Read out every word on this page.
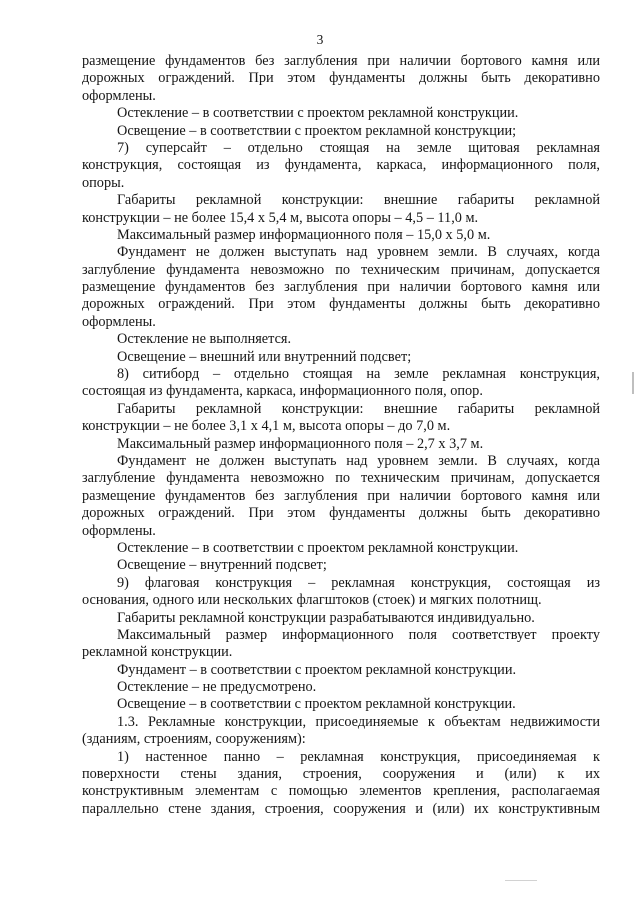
3
размещение фундаментов без заглубления при наличии бортового камня или
дорожных ограждений. При этом фундаменты должны быть декоративно
оформлены.
Остекление – в соответствии с проектом рекламной конструкции.
Освещение – в соответствии с проектом рекламной конструкции;
7) суперсайт – отдельно стоящая на земле щитовая рекламная
конструкция, состоящая из фундамента, каркаса, информационного поля,
опоры.
Габариты рекламной конструкции: внешние габариты рекламной
конструкции – не более 15,4 х 5,4 м, высота опоры – 4,5 – 11,0 м.
Максимальный размер информационного поля – 15,0 х 5,0 м.
Фундамент не должен выступать над уровнем земли. В случаях, когда
заглубление фундамента невозможно по техническим причинам, допускается
размещение фундаментов без заглубления при наличии бортового камня или
дорожных ограждений. При этом фундаменты должны быть декоративно
оформлены.
Остекление не выполняется.
Освещение – внешний или внутренний подсвет;
8) ситиборд – отдельно стоящая на земле рекламная конструкция,
состоящая из фундамента, каркаса, информационного поля, опор.
Габариты рекламной конструкции: внешние габариты рекламной
конструкции – не более 3,1 х 4,1 м, высота опоры – до 7,0 м.
Максимальный размер информационного поля – 2,7 х 3,7 м.
Фундамент не должен выступать над уровнем земли. В случаях, когда
заглубление фундамента невозможно по техническим причинам, допускается
размещение фундаментов без заглубления при наличии бортового камня или
дорожных ограждений. При этом фундаменты должны быть декоративно
оформлены.
Остекление – в соответствии с проектом рекламной конструкции.
Освещение – внутренний подсвет;
9) флаговая конструкция – рекламная конструкция, состоящая из
основания, одного или нескольких флагштоков (стоек) и мягких полотнищ.
Габариты рекламной конструкции разрабатываются индивидуально.
Максимальный размер информационного поля соответствует проекту
рекламной конструкции.
Фундамент – в соответствии с проектом рекламной конструкции.
Остекление – не предусмотрено.
Освещение – в соответствии с проектом рекламной конструкции.
1.3. Рекламные конструкции, присоединяемые к объектам недвижимости
(зданиям, строениям, сооружениям):
1) настенное панно – рекламная конструкция, присоединяемая к
поверхности стены здания, строения, сооружения и (или) к их
конструктивным элементам с помощью элементов крепления, располагаемая
параллельно стене здания, строения, сооружения и (или) их конструктивным
